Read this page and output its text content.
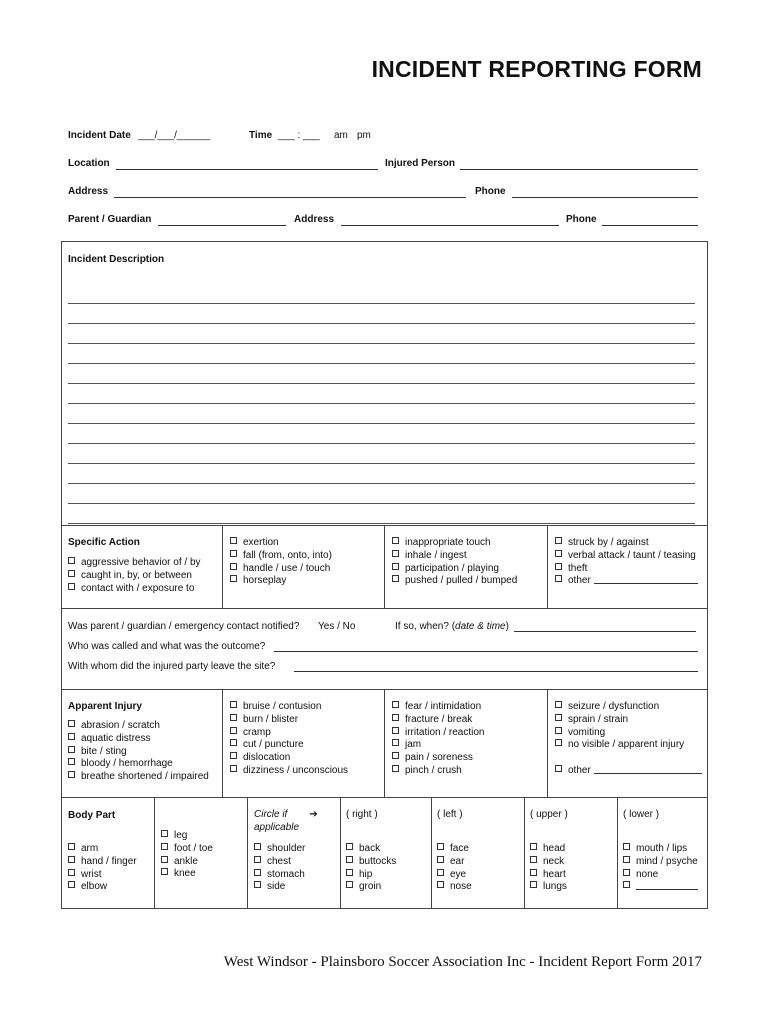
INCIDENT REPORTING FORM
Incident Date ___/___/______	Time ___ : ___ am pm
Location	Injured Person
Address	Phone
Parent / Guardian	Address	Phone
Incident Description
Specific Action
aggressive behavior of / by
caught in, by, or between
contact with / exposure to
exertion
fall (from, onto, into)
handle / use / touch
horseplay
inappropriate touch
inhale / ingest
participation / playing
pushed / pulled / bumped
struck by / against
verbal attack / taunt / teasing
theft
other
Was parent / guardian / emergency contact notified? Yes / No	If so, when? (date & time)
Who was called and what was the outcome?
With whom did the injured party leave the site?
Apparent Injury
abrasion / scratch
aquatic distress
bite / sting
bloody / hemorrhage
breathe shortened / impaired
bruise / contusion
burn / blister
cramp
cut / puncture
dislocation
dizziness / unconscious
fear / intimidation
fracture / break
irritation / reaction
jam
pain / soreness
pinch / crush
seizure / dysfunction
sprain / strain
vomiting
no visible / apparent injury
other
Body Part
arm
hand / finger
wrist
elbow
leg
foot / toe
ankle
knee
Circle if ➔
applicable
shoulder
chest
stomach
side
( right )
back
buttocks
hip
groin
( left )
face
ear
eye
nose
( upper )
head
neck
heart
lungs
( lower )
mouth / lips
mind / psyche
none
West Windsor - Plainsboro Soccer Association Inc - Incident Report Form 2017
